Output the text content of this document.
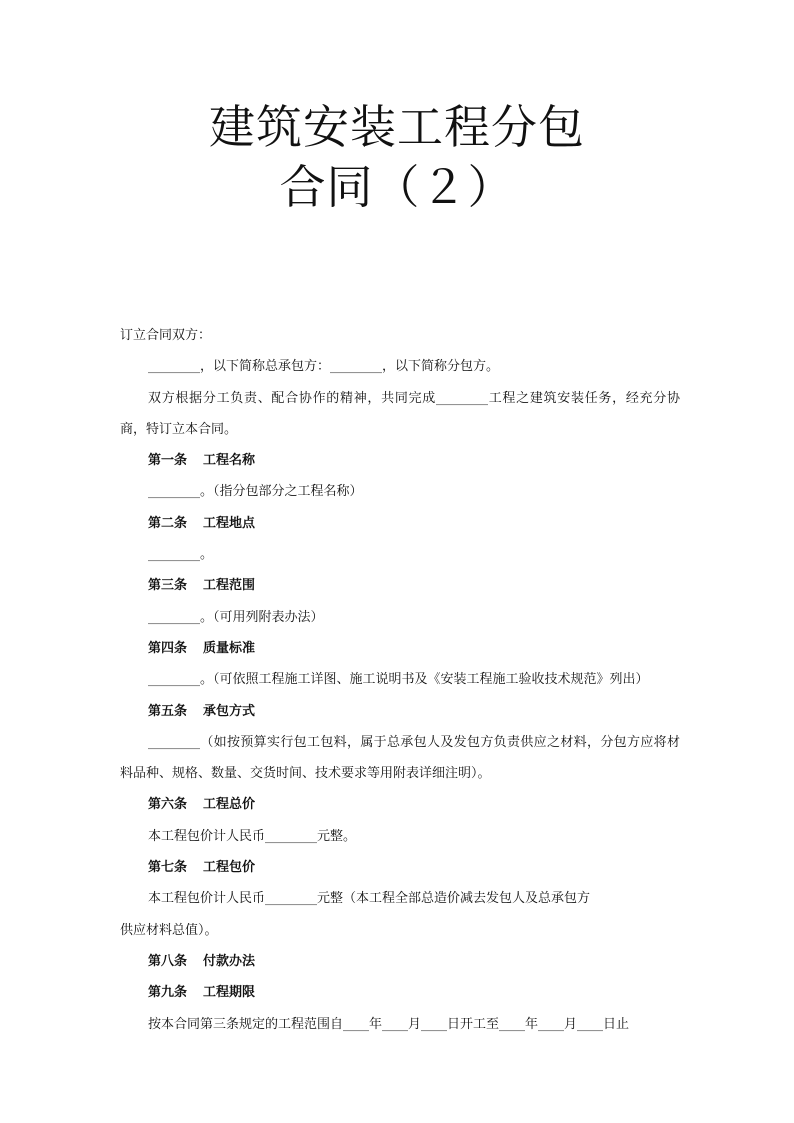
建筑安装工程分包
合同（２）

订立合同双方：

________，以下简称总承包方：________，以下简称分包方。

双方根据分工负责、配合协作的精神，共同完成________工程之建筑安装任务，经充分协商，特订立本合同。

第一条 工程名称

________。（指分包部分之工程名称）

第二条 工程地点

________。

第三条 工程范围

________。（可用列附表办法）

第四条 质量标准

________。（可依照工程施工详图、施工说明书及《安装工程施工验收技术规范》列出）

第五条 承包方式

________（如按预算实行包工包料，属于总承包人及发包方负责供应之材料，分包方应将材料品种、规格、数量、交货时间、技术要求等用附表详细注明）。

第六条 工程总价

本工程包价计人民币________元整。

第七条 工程包价

本工程包价计人民币________元整（本工程全部总造价减去发包人及总承包方

供应材料总值）。

第八条 付款办法

第九条 工程期限

按本合同第三条规定的工程范围自____年____月____日开工至____年____月____日止
